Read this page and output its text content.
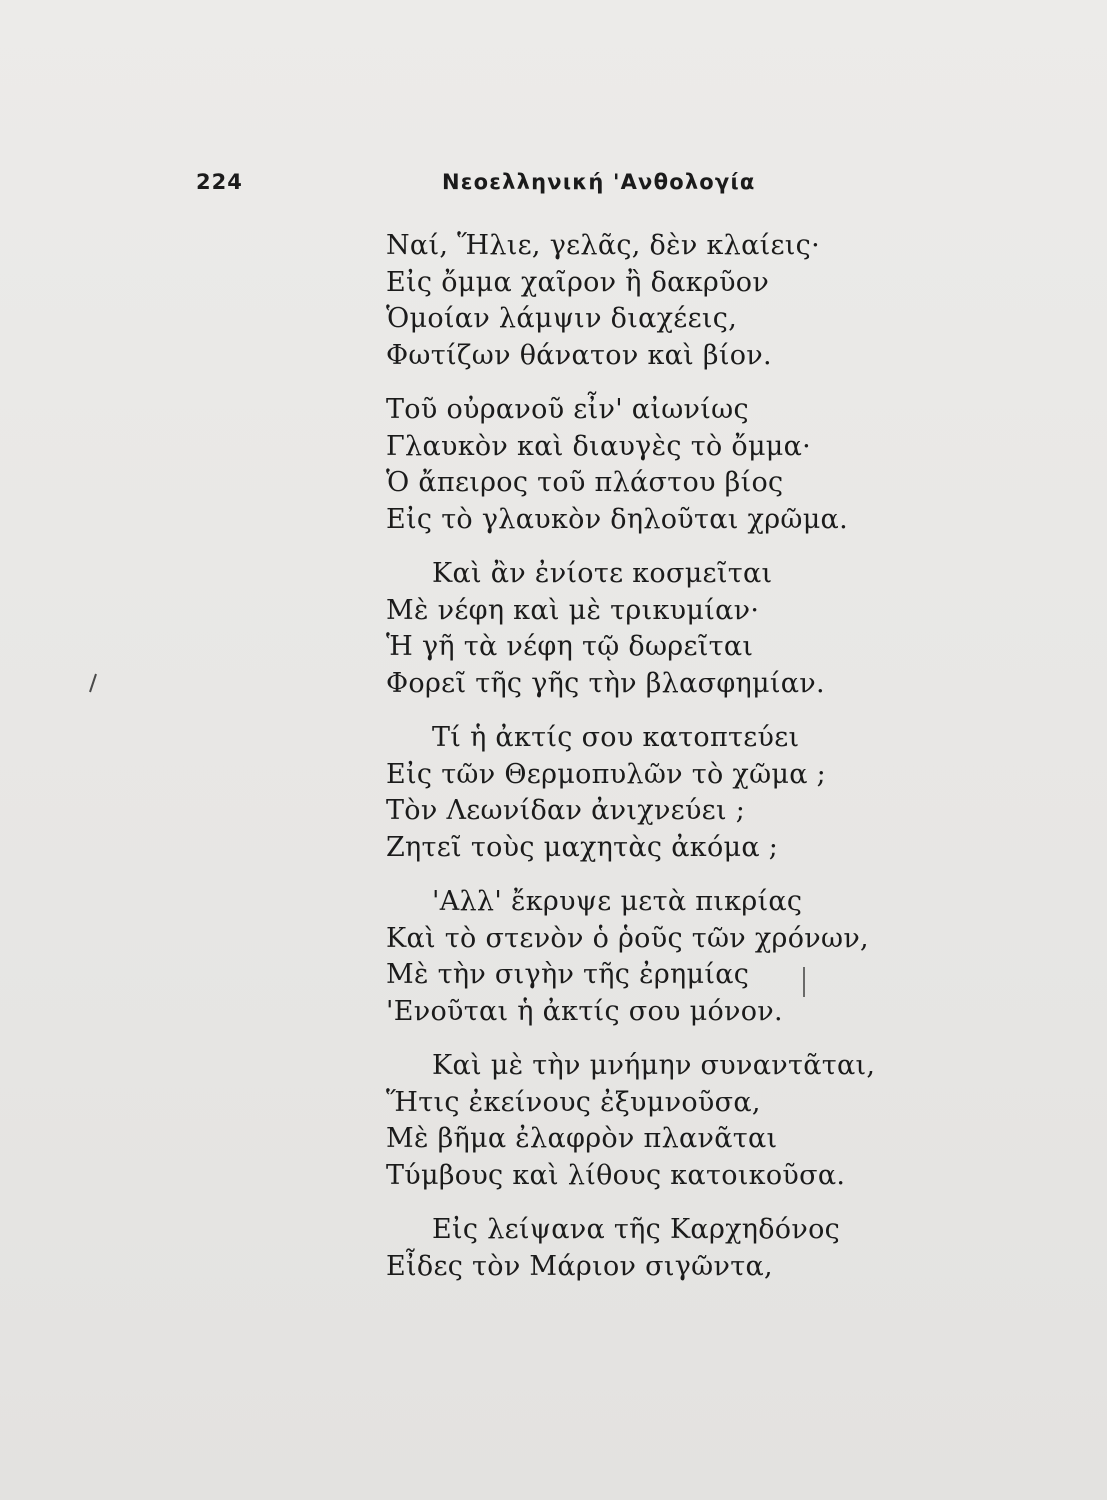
224	Νεοελληνική 'Ανθολογία
Ναί, Ἥλιε, γελᾶς, δὲν κλαίεις·
Εἰς ὄμμα χαῖρον ἢ δακρῦον
Ὁμοίαν λάμψιν διαχέεις,
Φωτίζων θάνατον καὶ βίον.
Τοῦ οὐρανοῦ εἶν' αἰωνίως
Γλαυκὸν καὶ διαυγὲς τὸ ὄμμα·
Ὁ ἄπειρος τοῦ πλάστου βίος
Εἰς τὸ γλαυκὸν δηλοῦται χρῶμα.
Καὶ ἂν ἐνίοτε κοσμεῖται
Μὲ νέφη καὶ μὲ τρικυμίαν·
Ἡ γῆ τὰ νέφη τῷ δωρεῖται
Φορεῖ τῆς γῆς τὴν βλασφημίαν.
Τί ἡ ἀκτίς σου κατοπτεύει
Εἰς τῶν Θερμοπυλῶν τὸ χῶμα ;
Τὸν Λεωνίδαν ἀνιχνεύει ;
Ζητεῖ τοὺς μαχητὰς ἀκόμα ;
'Αλλ' ἔκρυψε μετὰ πικρίας
Καὶ τὸ στενὸν ὁ ῥοῦς τῶν χρόνων,
Μὲ τὴν σιγὴν τῆς ἐρημίας
'Ενοῦται ἡ ἀκτίς σου μόνον.
Καὶ μὲ τὴν μνήμην συναντᾶται,
Ἥτις ἐκείνους ἐξυμνοῦσα,
Μὲ βῆμα ἐλαφρὸν πλανᾶται
Τύμβους καὶ λίθους κατοικοῦσα.
Εἰς λείψανα τῆς Καρχηδόνος
Εἶδες τὸν Μάριον σιγῶντα,
